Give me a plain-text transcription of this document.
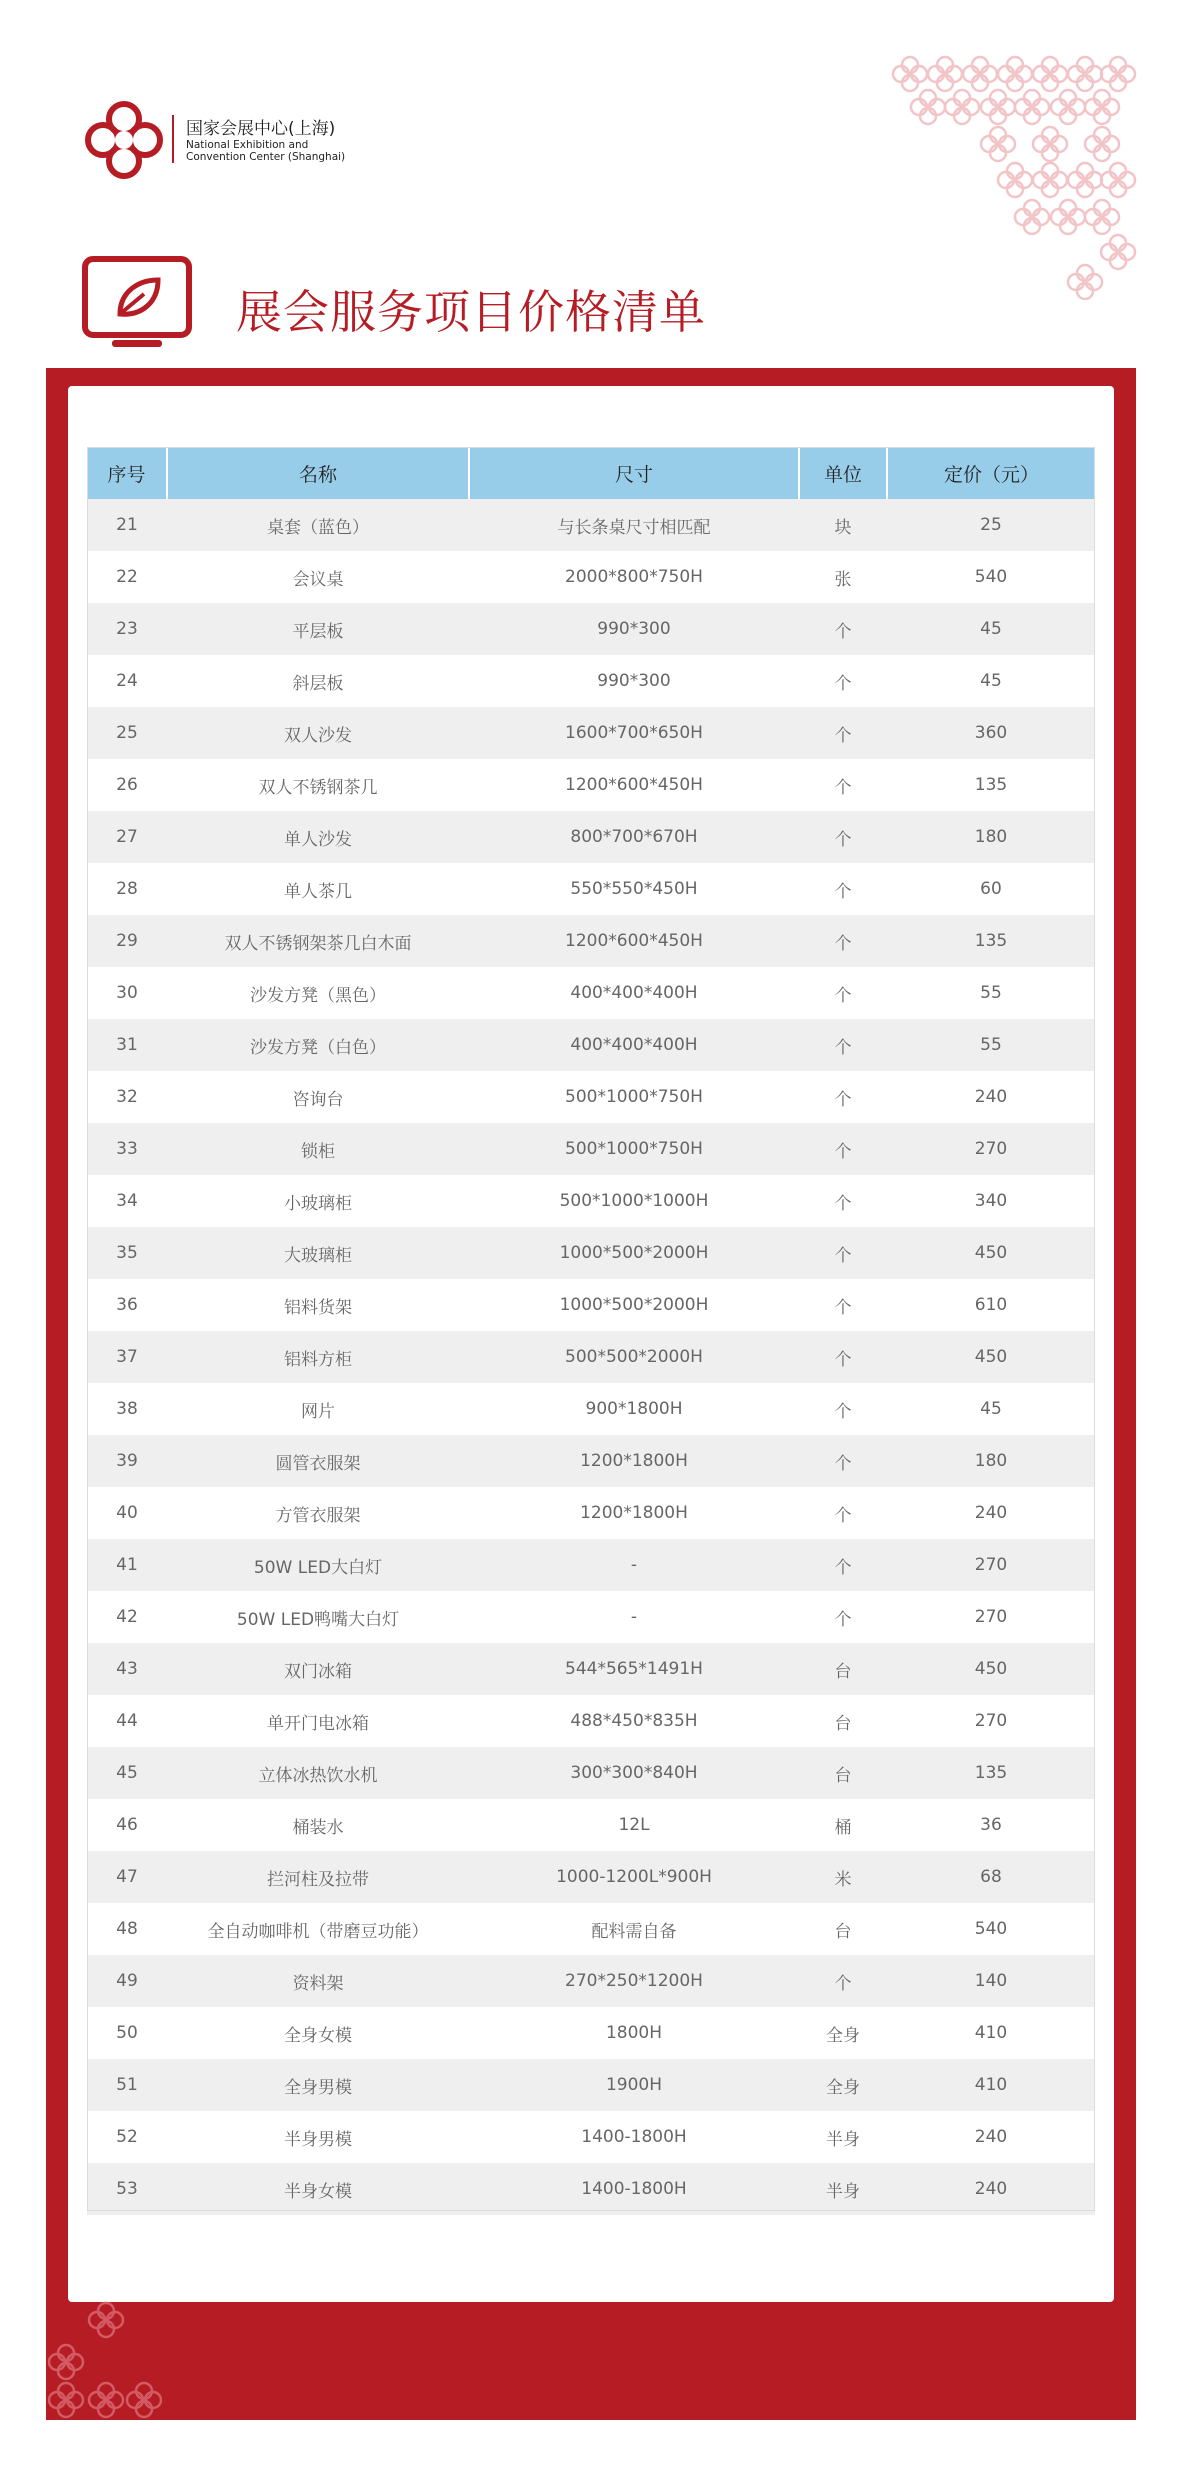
国家会展中心(上海)
National Exhibition and
Convention Center (Shanghai)
展会服务项目价格清单
序号	名称	尺寸	单位	定价（元）
21	桌套（蓝色）	与长条桌尺寸相匹配	块	25
22	会议桌	2000*800*750H	张	540
23	平层板	990*300	个	45
24	斜层板	990*300	个	45
25	双人沙发	1600*700*650H	个	360
26	双人不锈钢茶几	1200*600*450H	个	135
27	单人沙发	800*700*670H	个	180
28	单人茶几	550*550*450H	个	60
29	双人不锈钢架茶几白木面	1200*600*450H	个	135
30	沙发方凳（黑色）	400*400*400H	个	55
31	沙发方凳（白色）	400*400*400H	个	55
32	咨询台	500*1000*750H	个	240
33	锁柜	500*1000*750H	个	270
34	小玻璃柜	500*1000*1000H	个	340
35	大玻璃柜	1000*500*2000H	个	450
36	铝料货架	1000*500*2000H	个	610
37	铝料方柜	500*500*2000H	个	450
38	网片	900*1800H	个	45
39	圆管衣服架	1200*1800H	个	180
40	方管衣服架	1200*1800H	个	240
41	50W LED大白灯	-	个	270
42	50W LED鸭嘴大白灯	-	个	270
43	双门冰箱	544*565*1491H	台	450
44	单开门电冰箱	488*450*835H	台	270
45	立体冰热饮水机	300*300*840H	台	135
46	桶装水	12L	桶	36
47	拦河柱及拉带	1000-1200L*900H	米	68
48	全自动咖啡机（带磨豆功能）	配料需自备	台	540
49	资料架	270*250*1200H	个	140
50	全身女模	1800H	全身	410
51	全身男模	1900H	全身	410
52	半身男模	1400-1800H	半身	240
53	半身女模	1400-1800H	半身	240
